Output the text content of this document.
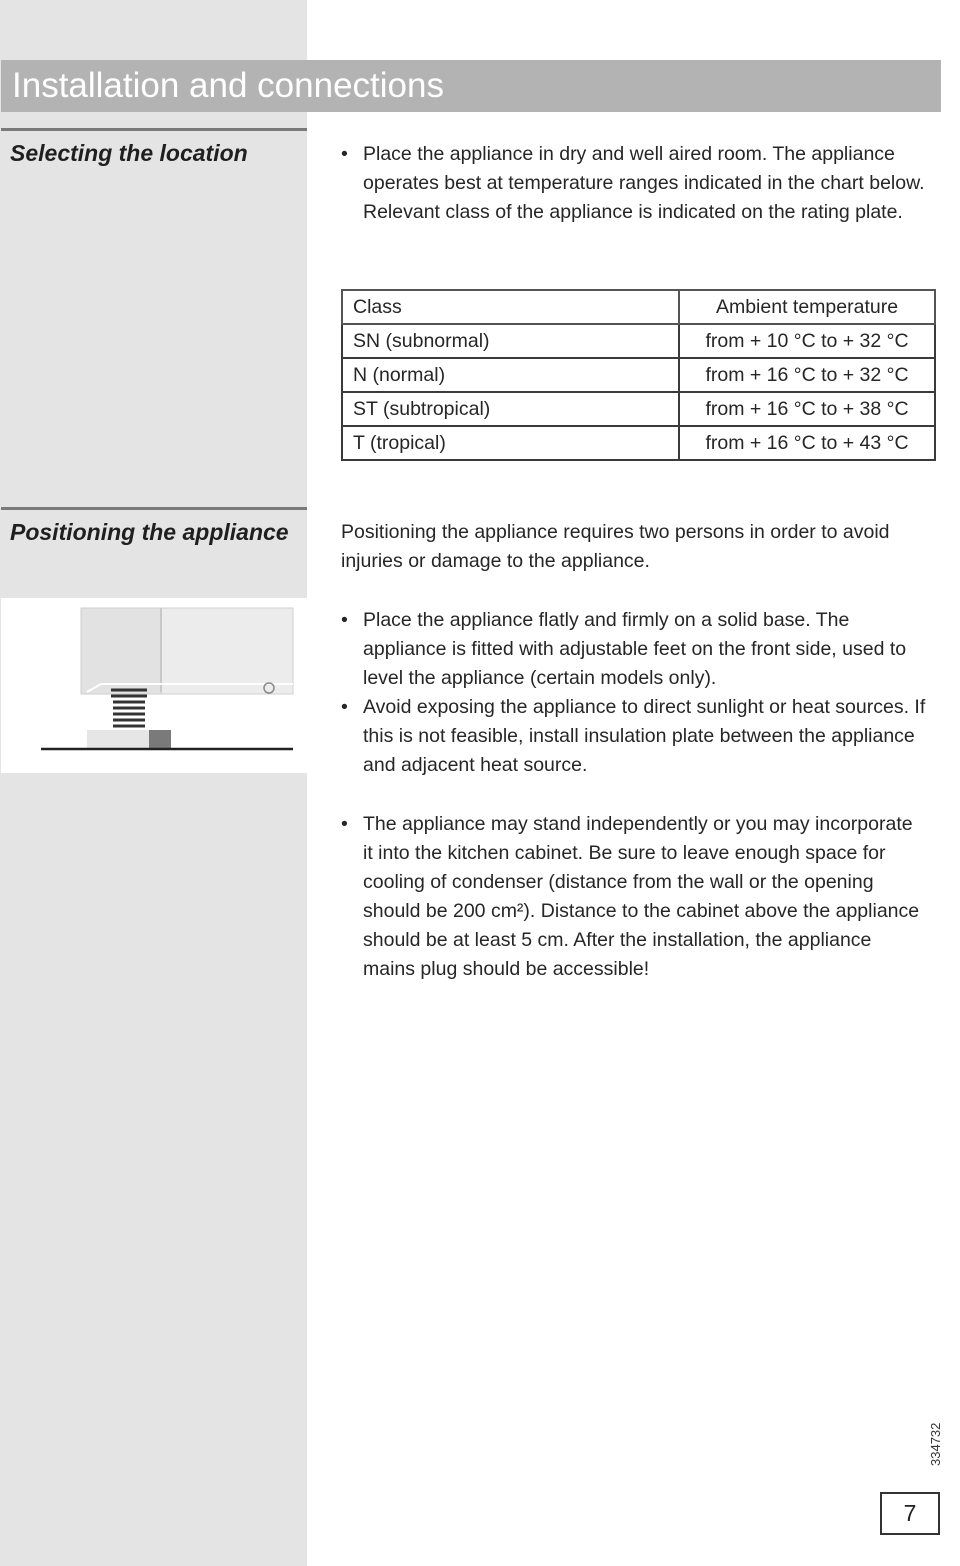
Installation and connections
Selecting the location	• Place the appliance in dry and well aired room. The appliance operates best at temperature ranges indicated in the chart below. Relevant class of the appliance is indicated on the rating plate.
Class	Ambient temperature
SN (subnormal)	from + 10 °C to + 32 °C
N (normal)	from + 16 °C to + 32 °C
ST (subtropical)	from + 16 °C to + 38 °C
T (tropical)	from + 16 °C to + 43 °C
Positioning the appliance	Positioning the appliance requires two persons in order to avoid injuries or damage to the appliance.
• Place the appliance flatly and firmly on a solid base. The appliance is fitted with adjustable feet on the front side, used to level the appliance (certain models only).
• Avoid exposing the appliance to direct sunlight or heat sources. If this is not feasible, install insulation plate between the appliance and adjacent heat source.
• The appliance may stand independently or you may incorporate it into the kitchen cabinet. Be sure to leave enough space for cooling of condenser (distance from the wall or the opening should be 200 cm²). Distance to the cabinet above the appliance should be at least 5 cm. After the installation, the appliance mains plug should be accessible!
334732
7
